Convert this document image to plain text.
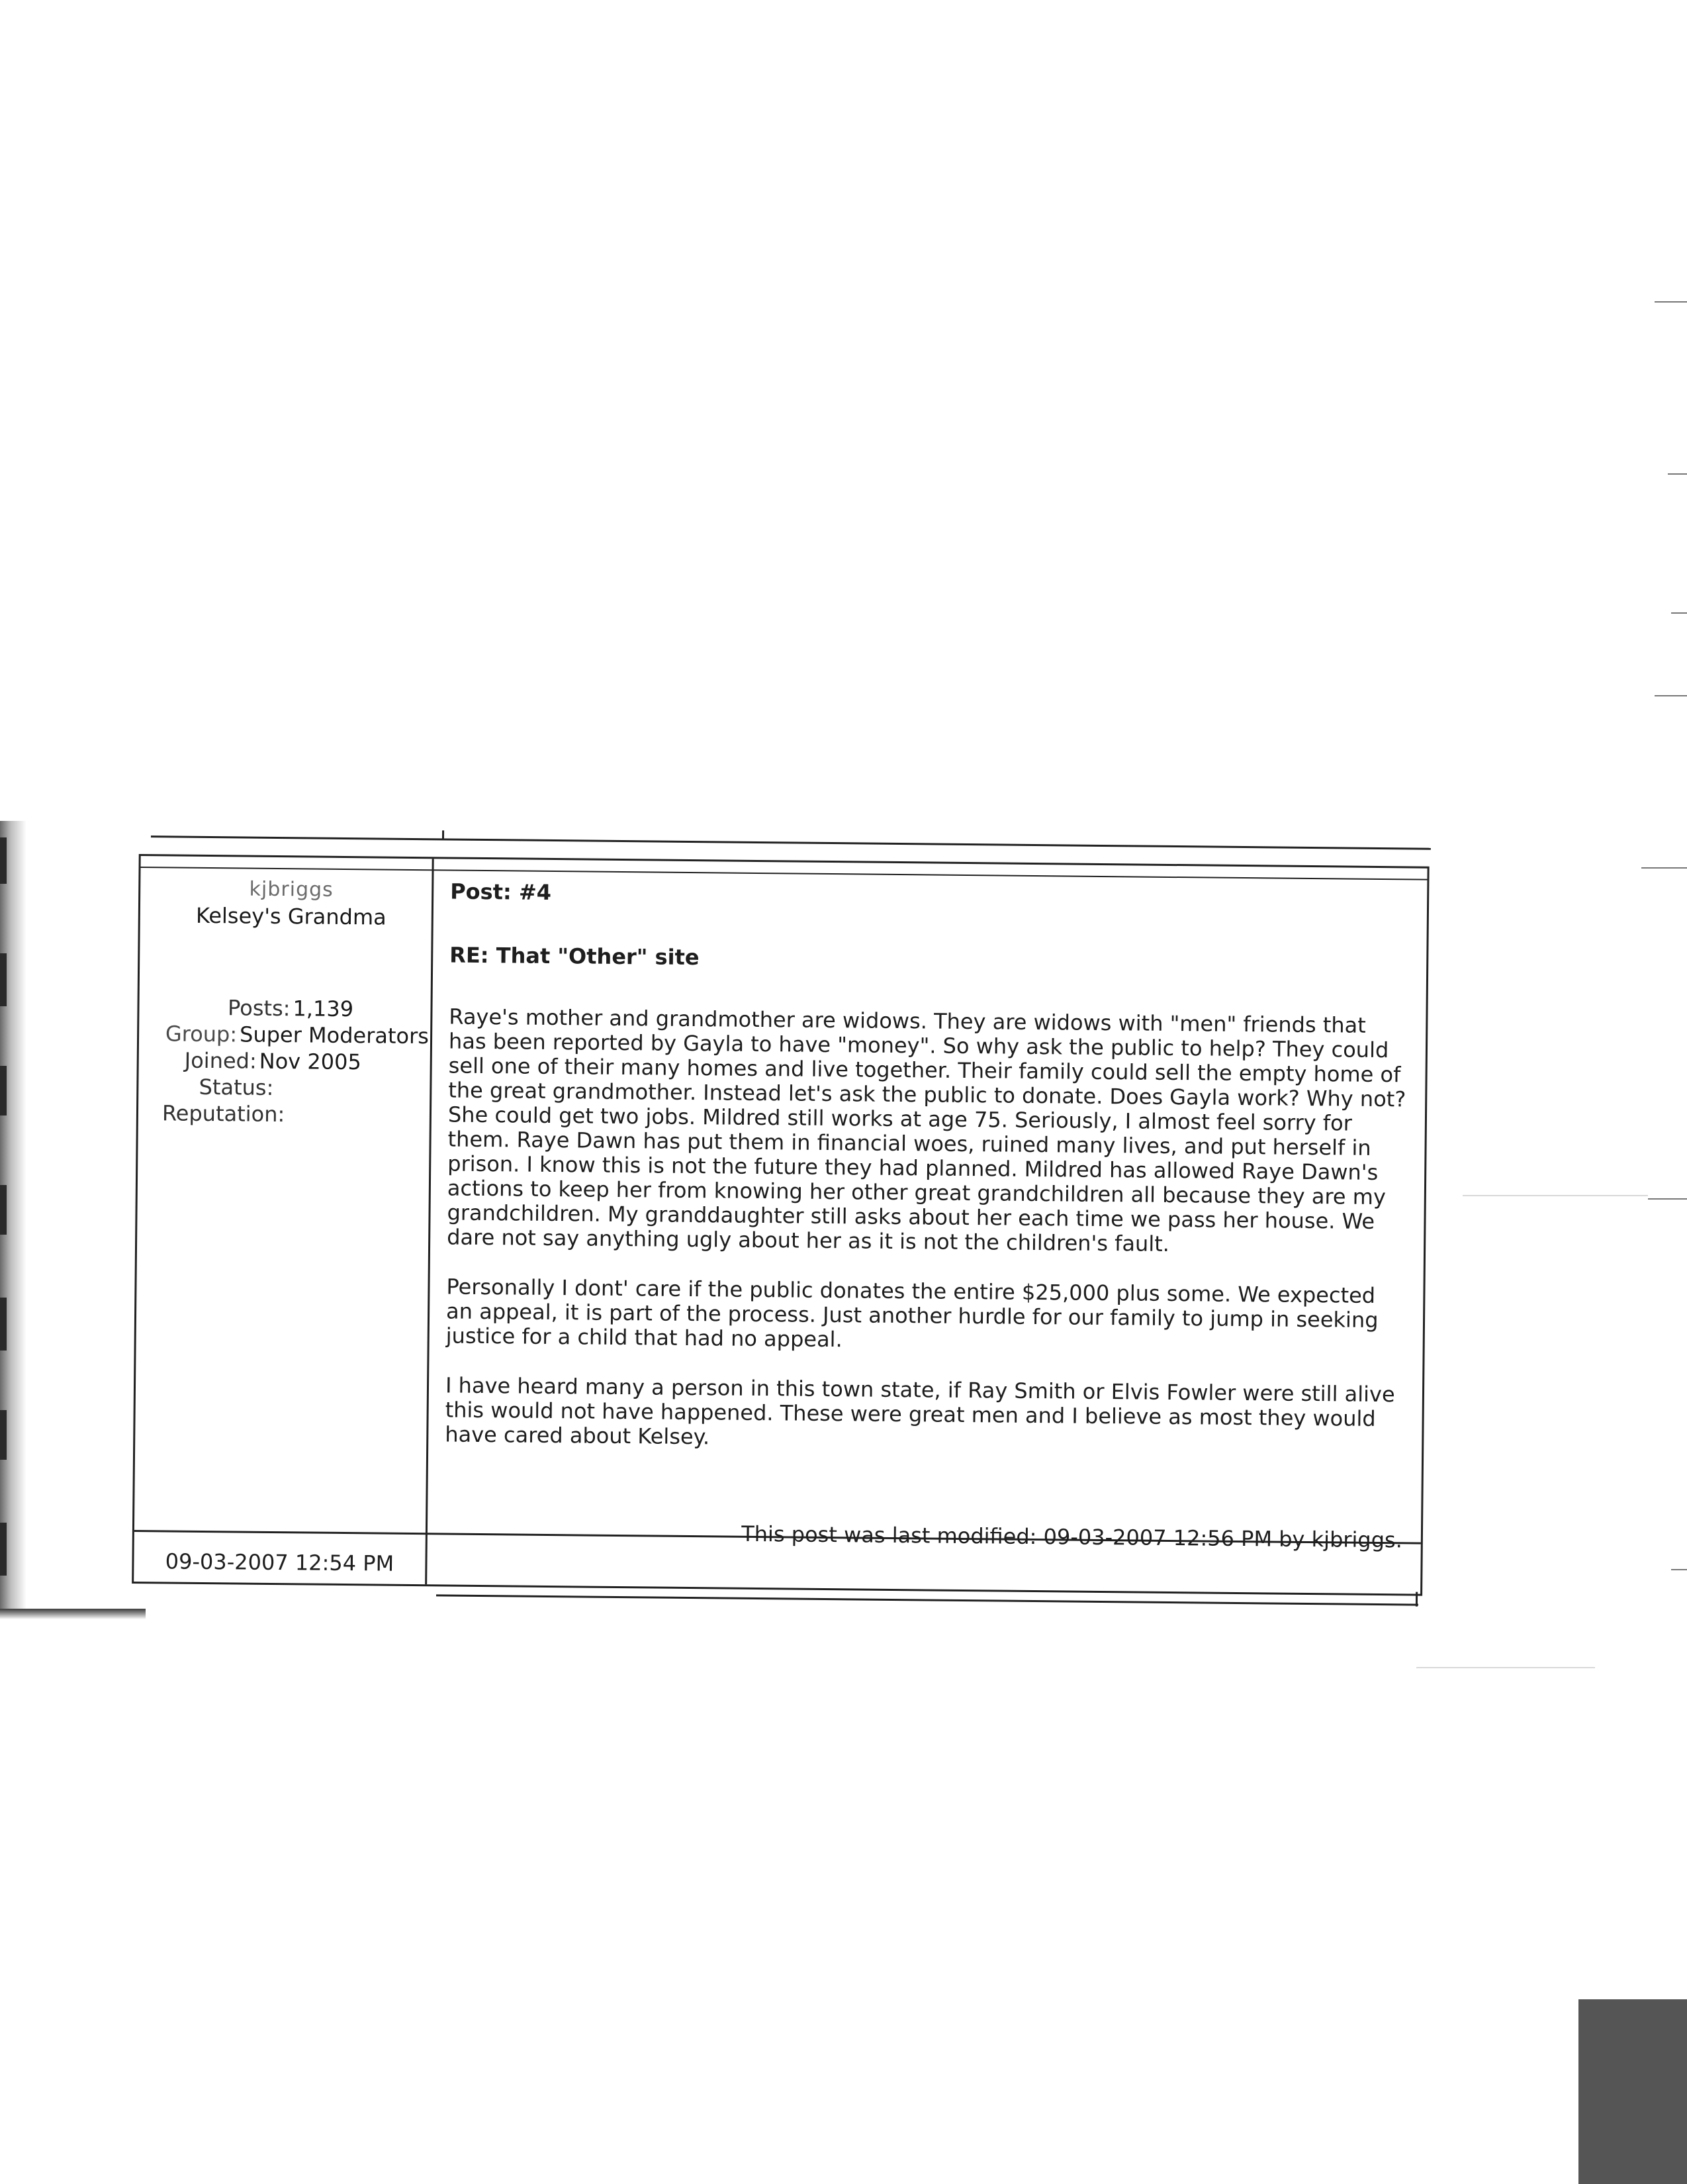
kjbriggs
Kelsey's Grandma
Posts: 1,139
Group: Super Moderators
Joined: Nov 2005
Status:
Reputation:

Post: #4

RE: That "Other" site

Raye's mother and grandmother are widows. They are widows with "men" friends that has been reported by Gayla to have "money". So why ask the public to help? They could sell one of their many homes and live together. Their family could sell the empty home of the great grandmother. Instead let's ask the public to donate. Does Gayla work? Why not? She could get two jobs. Mildred still works at age 75. Seriously, I almost feel sorry for them. Raye Dawn has put them in financial woes, ruined many lives, and put herself in prison. I know this is not the future they had planned. Mildred has allowed Raye Dawn's actions to keep her from knowing her other great grandchildren all because they are my grandchildren. My granddaughter still asks about her each time we pass her house. We dare not say anything ugly about her as it is not the children's fault.

Personally I dont' care if the public donates the entire $25,000 plus some. We expected an appeal, it is part of the process. Just another hurdle for our family to jump in seeking justice for a child that had no appeal.

I have heard many a person in this town state, if Ray Smith or Elvis Fowler were still alive this would not have happened. These were great men and I believe as most they would have cared about Kelsey.

This post was last modified: 09-03-2007 12:56 PM by kjbriggs.
09-03-2007 12:54 PM
